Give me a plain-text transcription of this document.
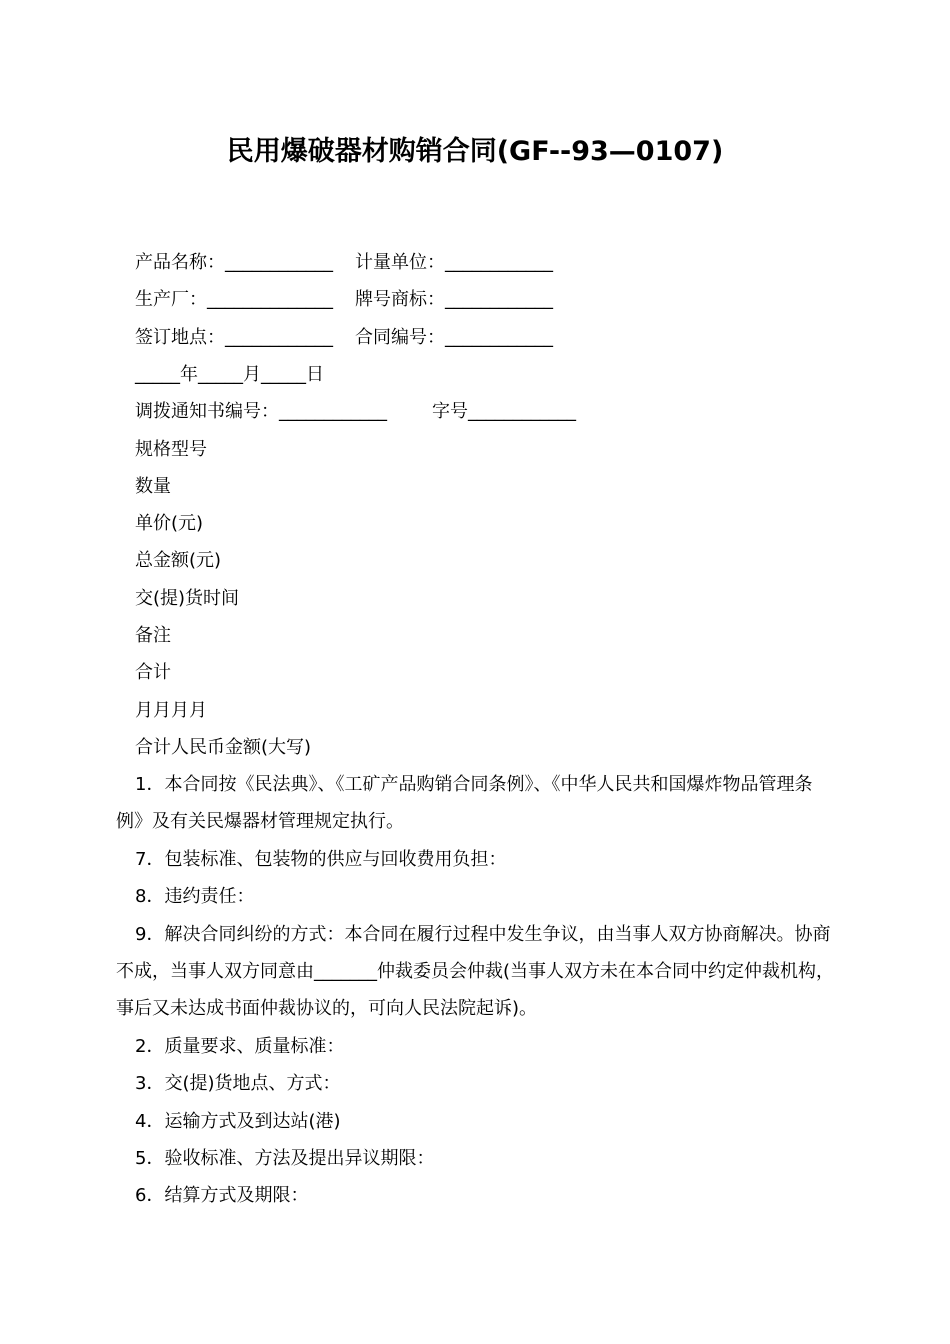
民用爆破器材购销合同(GF--93—0107)
产品名称：____________ 计量单位：____________
生产厂：______________ 牌号商标：____________
签订地点：____________ 合同编号：____________
_____年_____月_____日
调拨通知书编号：____________	字号____________
规格型号
数量
单价(元)
总金额(元)
交(提)货时间
备注
合计
月月月月
合计人民币金额(大写)
1．本合同按《民法典》、《工矿产品购销合同条例》、《中华人民共和国爆炸物品管理条例》及有关民爆器材管理规定执行。
7．包装标准、包装物的供应与回收费用负担：
8．违约责任：
9．解决合同纠纷的方式：本合同在履行过程中发生争议，由当事人双方协商解决。协商不成，当事人双方同意由_______仲裁委员会仲裁(当事人双方未在本合同中约定仲裁机构，事后又未达成书面仲裁协议的，可向人民法院起诉)。
2．质量要求、质量标准：
3．交(提)货地点、方式：
4．运输方式及到达站(港)
5．验收标准、方法及提出异议期限：
6．结算方式及期限：
